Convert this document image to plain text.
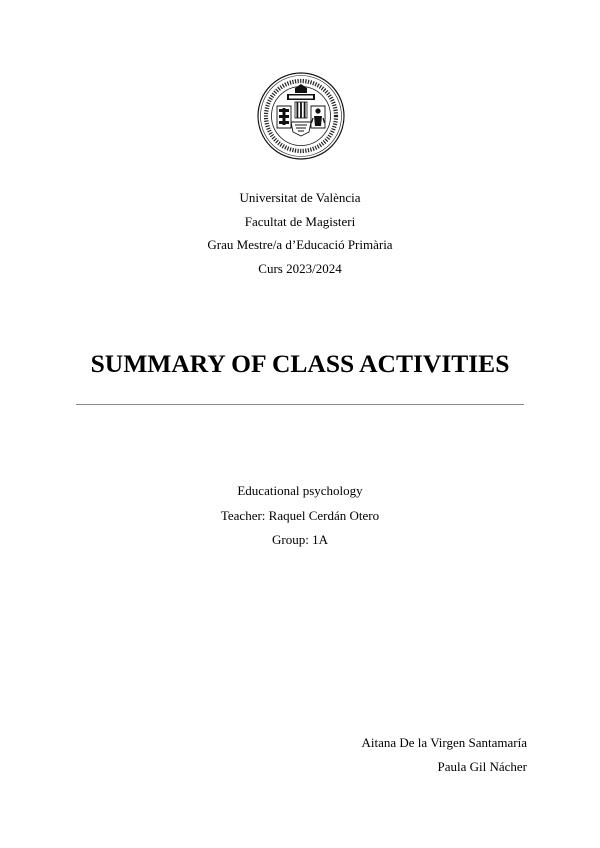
Universitat de València
Facultat de Magisteri
Grau Mestre/a d’Educació Primària
Curs 2023/2024
SUMMARY OF CLASS ACTIVITIES
Educational psychology
Teacher: Raquel Cerdán Otero
Group: 1A
Aitana De la Virgen Santamaría
Paula Gil Nácher
